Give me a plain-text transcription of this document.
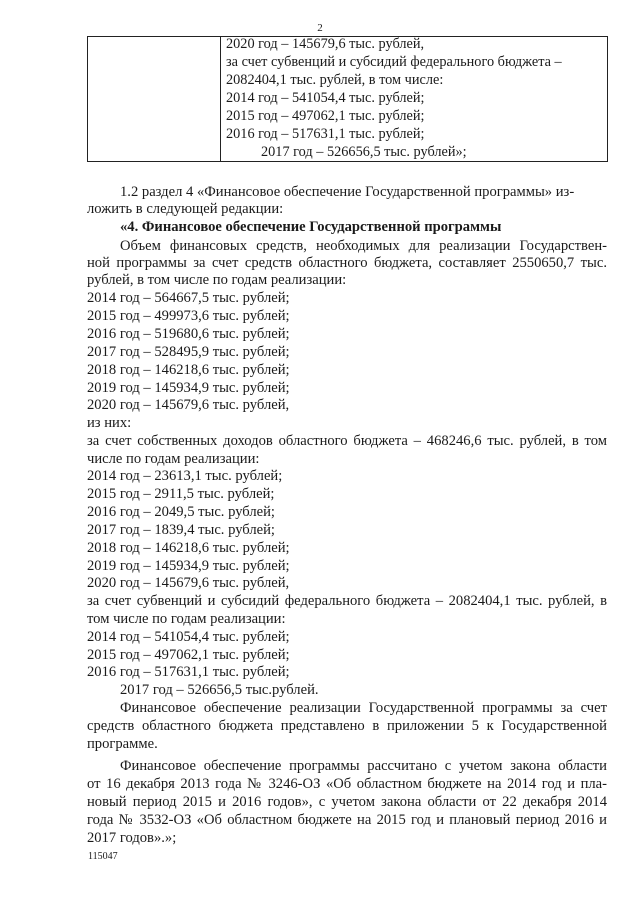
2

2020 год – 145679,6 тыс. рублей,
за счет субвенций и субсидий федерального бюджета –
2082404,1 тыс. рублей, в том числе:
2014 год – 541054,4 тыс. рублей;
2015 год – 497062,1 тыс. рублей;
2016 год – 517631,1 тыс. рублей;
2017 год – 526656,5 тыс. рублей»;
1.2 раздел 4 «Финансовое обеспечение Государственной программы» из-
ложить в следующей редакции:
«4. Финансовое обеспечение Государственной программы
Объем финансовых средств, необходимых для реализации Государствен-
ной программы за счет средств областного бюджета, составляет 2550650,7 тыс.
рублей, в том числе по годам реализации:
2014 год – 564667,5 тыс. рублей;
2015 год – 499973,6 тыс. рублей;
2016 год – 519680,6 тыс. рублей;
2017 год – 528495,9 тыс. рублей;
2018 год – 146218,6 тыс. рублей;
2019 год – 145934,9 тыс. рублей;
2020 год – 145679,6 тыс. рублей,
из них:
за счет собственных доходов областного бюджета – 468246,6 тыс. рублей, в том
числе по годам реализации:
2014 год – 23613,1 тыс. рублей;
2015 год – 2911,5 тыс. рублей;
2016 год – 2049,5 тыс. рублей;
2017 год – 1839,4 тыс. рублей;
2018 год – 146218,6 тыс. рублей;
2019 год – 145934,9 тыс. рублей;
2020 год – 145679,6 тыс. рублей,
за счет субвенций и субсидий федерального бюджета – 2082404,1 тыс. рублей, в
том числе по годам реализации:
2014 год – 541054,4 тыс. рублей;
2015 год – 497062,1 тыс. рублей;
2016 год – 517631,1 тыс. рублей;
2017 год – 526656,5 тыс.рублей.
Финансовое обеспечение реализации Государственной программы за счет
средств областного бюджета представлено в приложении 5 к Государственной
программе.
Финансовое обеспечение программы рассчитано с учетом закона области
от 16 декабря 2013 года № 3246-ОЗ «Об областном бюджете на 2014 год и пла-
новый период 2015 и 2016 годов», с учетом закона области от 22 декабря 2014
года № 3532-ОЗ «Об областном бюджете на 2015 год и плановый период 2016 и
2017 годов».»;
115047
